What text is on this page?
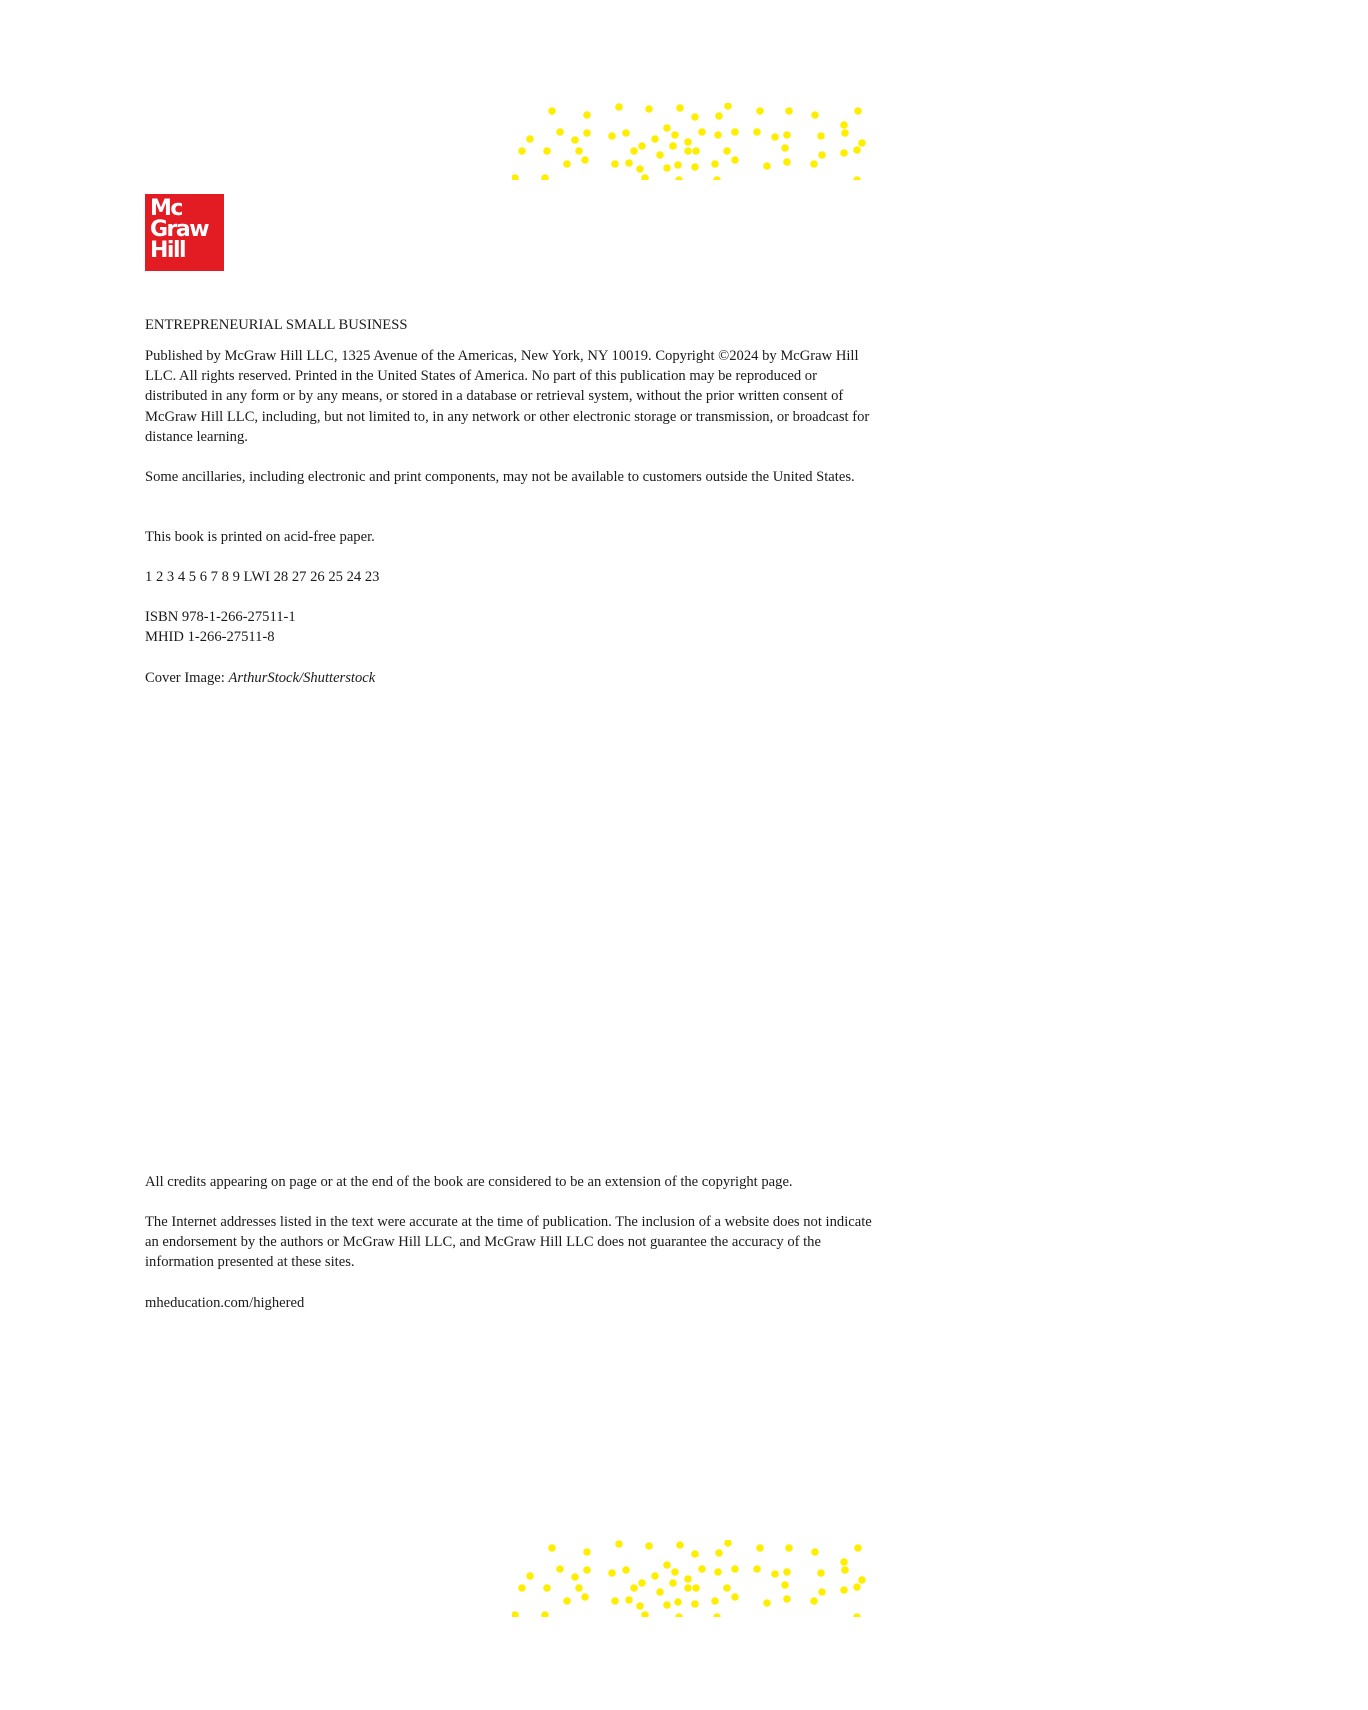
Mc
Graw
Hill

ENTREPRENEURIAL SMALL BUSINESS

Published by McGraw Hill LLC, 1325 Avenue of the Americas, New York, NY 10019. Copyright ©2024 by McGraw Hill LLC. All rights reserved. Printed in the United States of America. No part of this publication may be reproduced or distributed in any form or by any means, or stored in a database or retrieval system, without the prior written consent of McGraw Hill LLC, including, but not limited to, in any network or other electronic storage or transmission, or broadcast for distance learning.

Some ancillaries, including electronic and print components, may not be available to customers outside the United States.

This book is printed on acid-free paper.

1 2 3 4 5 6 7 8 9 LWI 28 27 26 25 24 23

ISBN 978-1-266-27511-1
MHID 1-266-27511-8

Cover Image: ArthurStock/Shutterstock

All credits appearing on page or at the end of the book are considered to be an extension of the copyright page.

The Internet addresses listed in the text were accurate at the time of publication. The inclusion of a website does not indicate an endorsement by the authors or McGraw Hill LLC, and McGraw Hill LLC does not guarantee the accuracy of the information presented at these sites.

mheducation.com/highered
